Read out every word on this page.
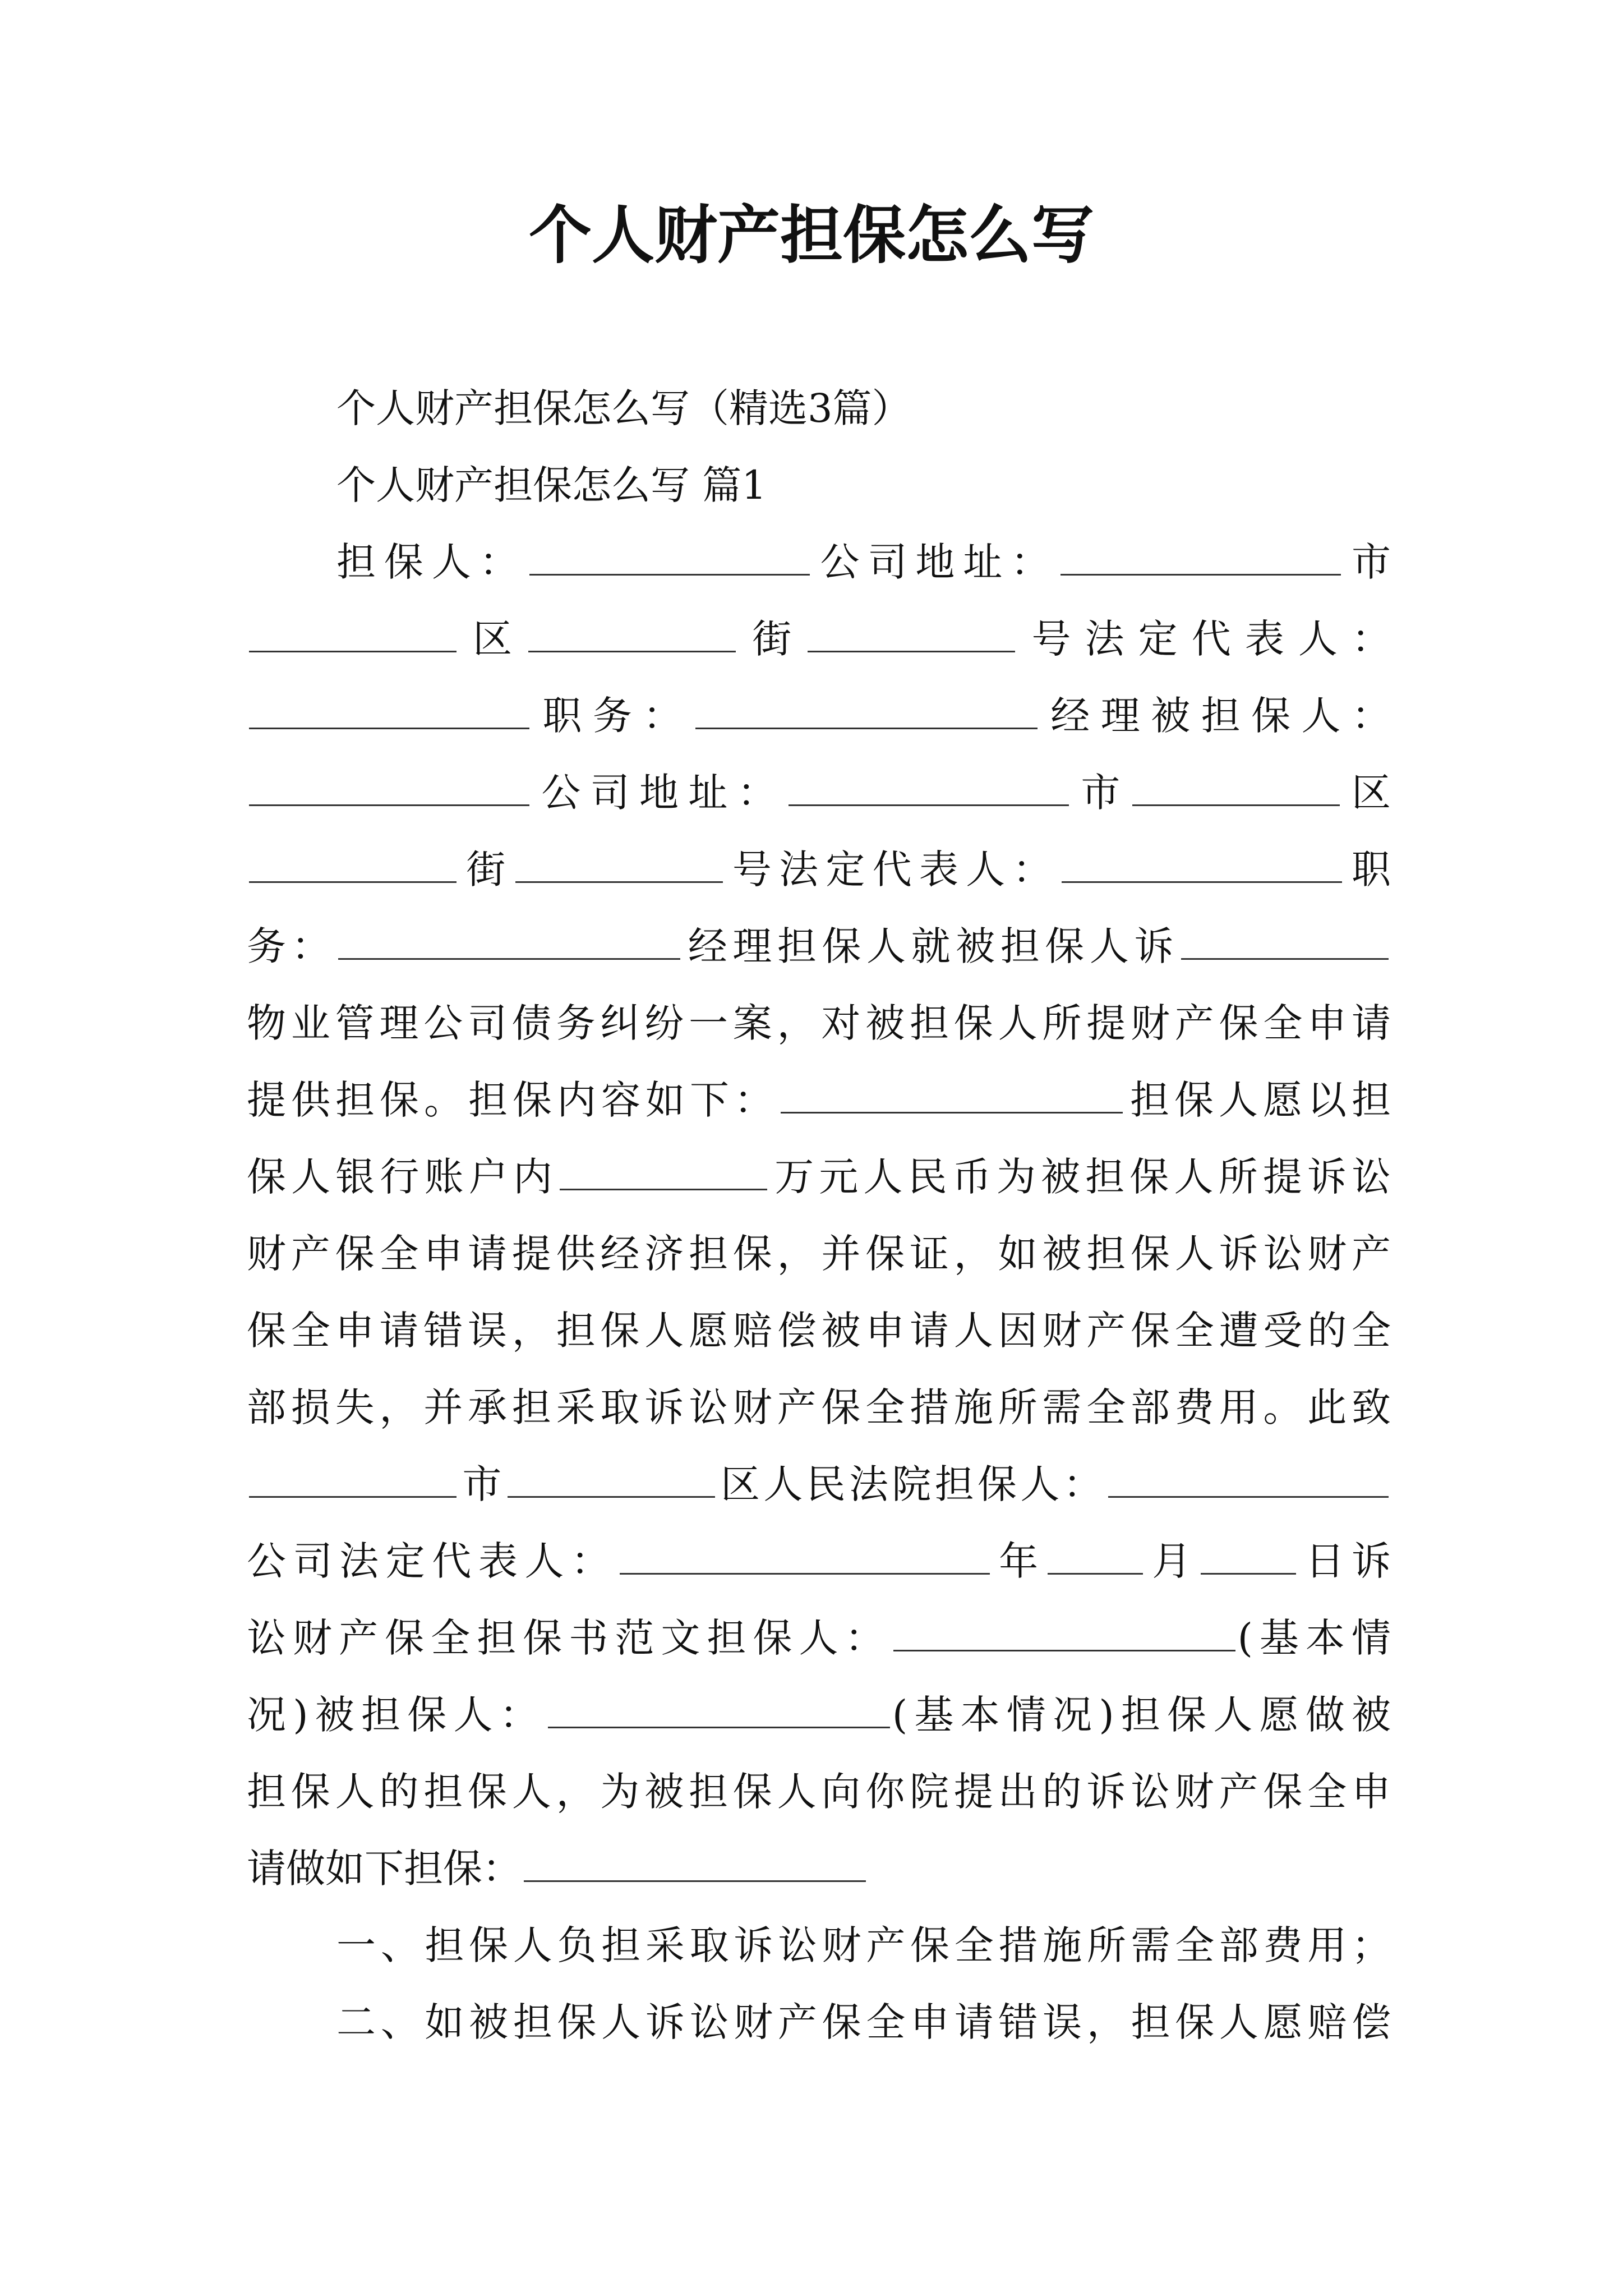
个人财产担保怎么写

个人财产担保怎么写（精选3篇）

个人财产担保怎么写 篇1

担保人：	公司地址：	市

区	街	号法定代表人：

职务：	经理被担保人：

公司地址：	市	区

街	号法定代表人：	职

务：	经理担保人就被担保人诉

物业管理公司债务纠纷一案，对被担保人所提财产保全申请

提供担保。担保内容如下：	担保人愿以担

保人银行账户内	万元人民币为被担保人所提诉讼

财产保全申请提供经济担保，并保证，如被担保人诉讼财产

保全申请错误，担保人愿赔偿被申请人因财产保全遭受的全

部损失，并承担采取诉讼财产保全措施所需全部费用。此致

市	区人民法院担保人：

公司法定代表人：	年	月	日诉

讼财产保全担保书范文担保人：	(基本情

况)被担保人：	(基本情况)担保人愿做被

担保人的担保人，为被担保人向你院提出的诉讼财产保全申

请做如下担保：

一、担保人负担采取诉讼财产保全措施所需全部费用；

二、如被担保人诉讼财产保全申请错误，担保人愿赔偿
